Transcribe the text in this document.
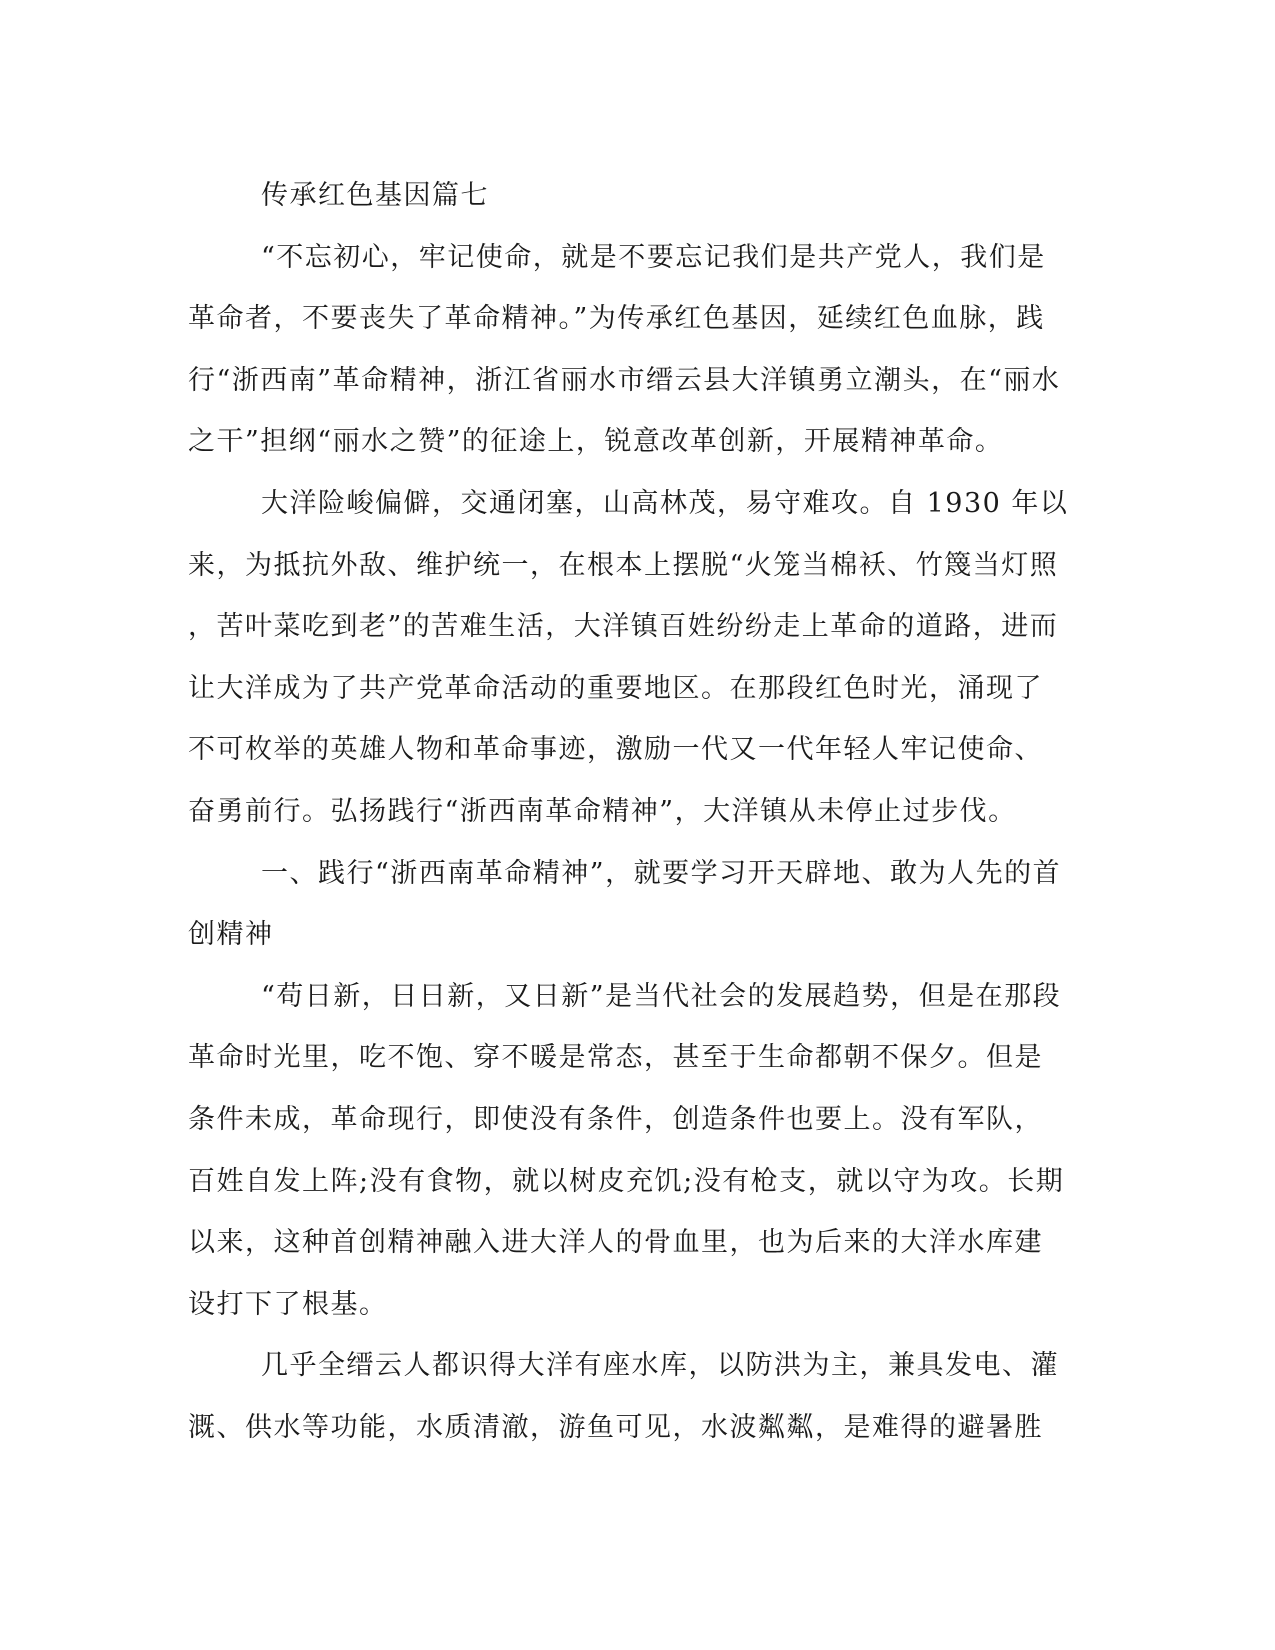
传承红色基因篇七
“不忘初心，牢记使命，就是不要忘记我们是共产党人，我们是
革命者，不要丧失了革命精神。”为传承红色基因，延续红色血脉，践
行“浙西南”革命精神，浙江省丽水市缙云县大洋镇勇立潮头，在“丽水
之干”担纲“丽水之赞”的征途上，锐意改革创新，开展精神革命。
大洋险峻偏僻，交通闭塞，山高林茂，易守难攻。自 1930 年以
来，为抵抗外敌、维护统一，在根本上摆脱“火笼当棉袄、竹篾当灯照
，苦叶菜吃到老”的苦难生活，大洋镇百姓纷纷走上革命的道路，进而
让大洋成为了共产党革命活动的重要地区。在那段红色时光，涌现了
不可枚举的英雄人物和革命事迹，激励一代又一代年轻人牢记使命、
奋勇前行。弘扬践行“浙西南革命精神”，大洋镇从未停止过步伐。
一、践行“浙西南革命精神”，就要学习开天辟地、敢为人先的首
创精神
“苟日新，日日新，又日新”是当代社会的发展趋势，但是在那段
革命时光里，吃不饱、穿不暖是常态，甚至于生命都朝不保夕。但是
条件未成，革命现行，即使没有条件，创造条件也要上。没有军队，
百姓自发上阵;没有食物，就以树皮充饥;没有枪支，就以守为攻。长期
以来，这种首创精神融入进大洋人的骨血里，也为后来的大洋水库建
设打下了根基。
几乎全缙云人都识得大洋有座水库，以防洪为主，兼具发电、灌
溉、供水等功能，水质清澈，游鱼可见，水波粼粼，是难得的避暑胜
